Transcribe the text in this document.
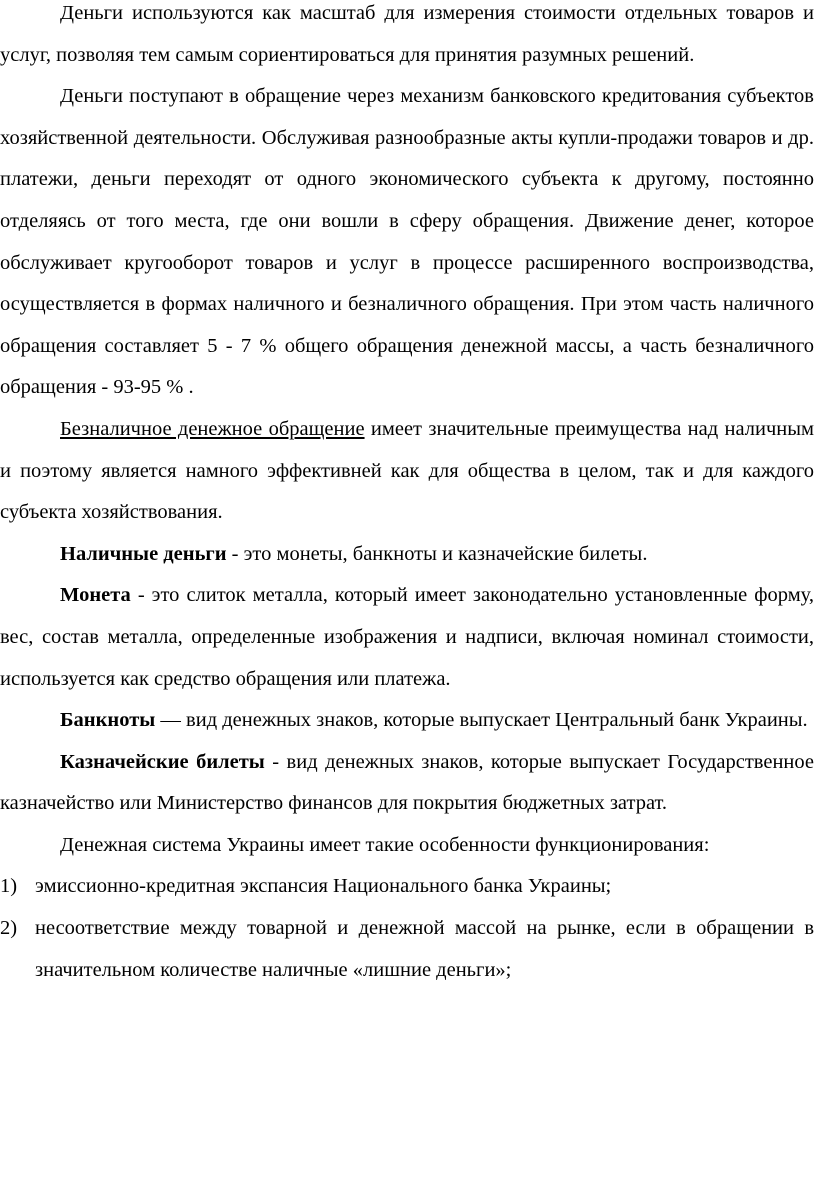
Деньги используются как масштаб для измерения стоимости отдельных товаров и услуг, позволяя тем самым сориентироваться для принятия разумных решений.

Деньги поступают в обращение через механизм банковского кредитования субъектов хозяйственной деятельности. Обслуживая разнообразные акты купли-продажи товаров и др. платежи, деньги переходят от одного экономического субъекта к другому, постоянно отделяясь от того места, где они вошли в сферу обращения. Движение денег, которое обслуживает кругооборот товаров и услуг в процессе расширенного воспроизводства, осуществляется в формах наличного и безналичного обращения. При этом часть наличного обращения составляет 5 - 7 % общего обращения денежной массы, а часть безналичного обращения - 93-95 % .

Безналичное денежное обращение имеет значительные преимущества над наличным и поэтому является намного эффективней как для общества в целом, так и для каждого субъекта хозяйствования.

Наличные деньги - это монеты, банкноты и казначейские билеты.

Монета - это слиток металла, который имеет законодательно установленные форму, вес, состав металла, определенные изображения и надписи, включая номинал стоимости, используется как средство обращения или платежа.

Банкноты — вид денежных знаков, которые выпускает Центральный банк Украины.

Казначейские билеты - вид денежных знаков, которые выпускает Государственное казначейство или Министерство финансов для покрытия бюджетных затрат.

Денежная система Украины имеет такие особенности функционирования:

1) эмиссионно-кредитная экспансия Национального банка Украины;

2) несоответствие между товарной и денежной массой на рынке, если в обращении в значительном количестве наличные «лишние деньги»;
